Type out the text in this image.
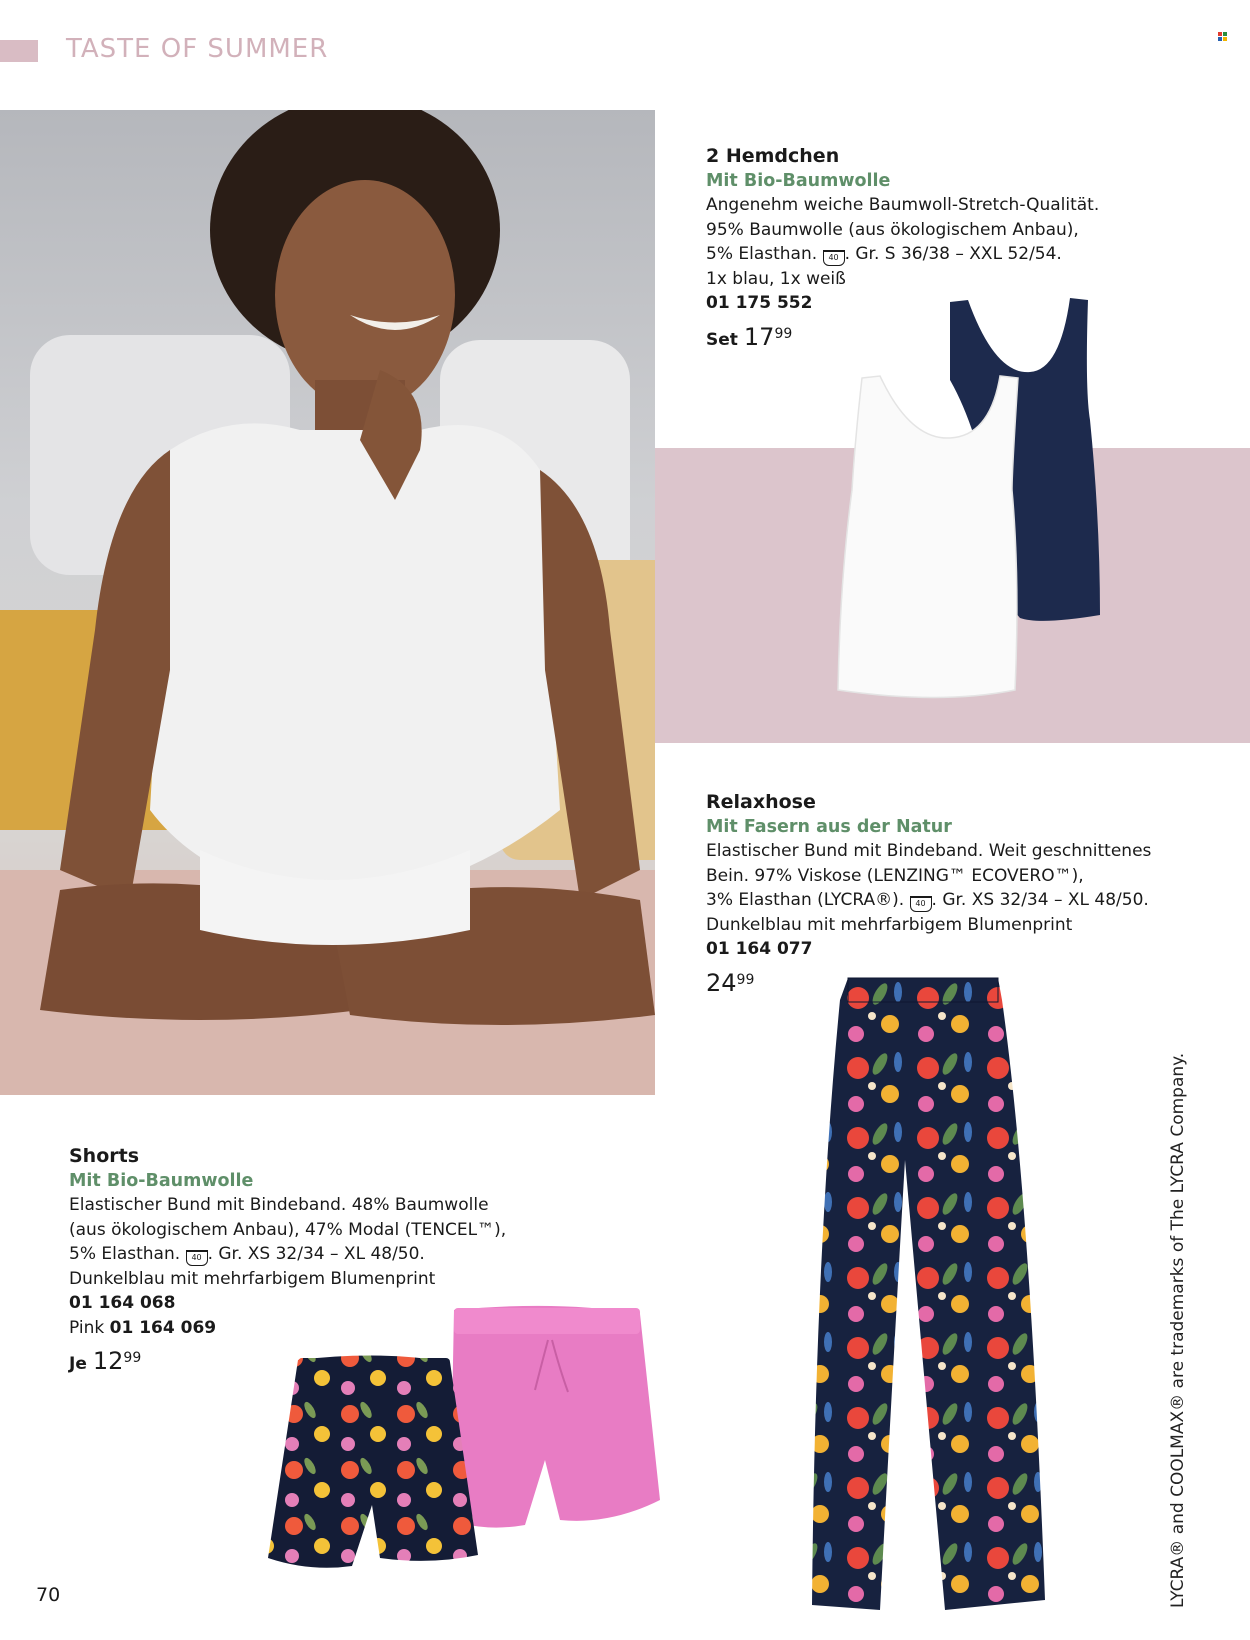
TASTE OF SUMMER
2 Hemdchen
Mit Bio-Baumwolle
Angenehm weiche Baumwoll-Stretch-Qualität.
95% Baumwolle (aus ökologischem Anbau),
5% Elasthan. 40 . Gr. S 36/38 – XXL 52/54.
1x blau, 1x weiß
01 175 552
Set $17^{99}$
Relaxhose
Mit Fasern aus der Natur
Elastischer Bund mit Bindeband. Weit geschnittenes
Bein. 97% Viskose (LENZING™ ECOVERO™),
3% Elasthan (LYCRA®). 40 . Gr. XS 32/34 – XL 48/50.
Dunkelblau mit mehrfarbigem Blumenprint
01 164 077
$24^{99}$
Shorts
Mit Bio-Baumwolle
Elastischer Bund mit Bindeband. 48% Baumwolle
(aus ökologischem Anbau), 47% Modal (TENCEL™),
5% Elasthan. 40 . Gr. XS 32/34 – XL 48/50.
Dunkelblau mit mehrfarbigem Blumenprint
01 164 068
Pink 01 164 069
Je $12^{99}$	LYCRA® and COOLMAX® are trademarks of The LYCRA Company.
70
